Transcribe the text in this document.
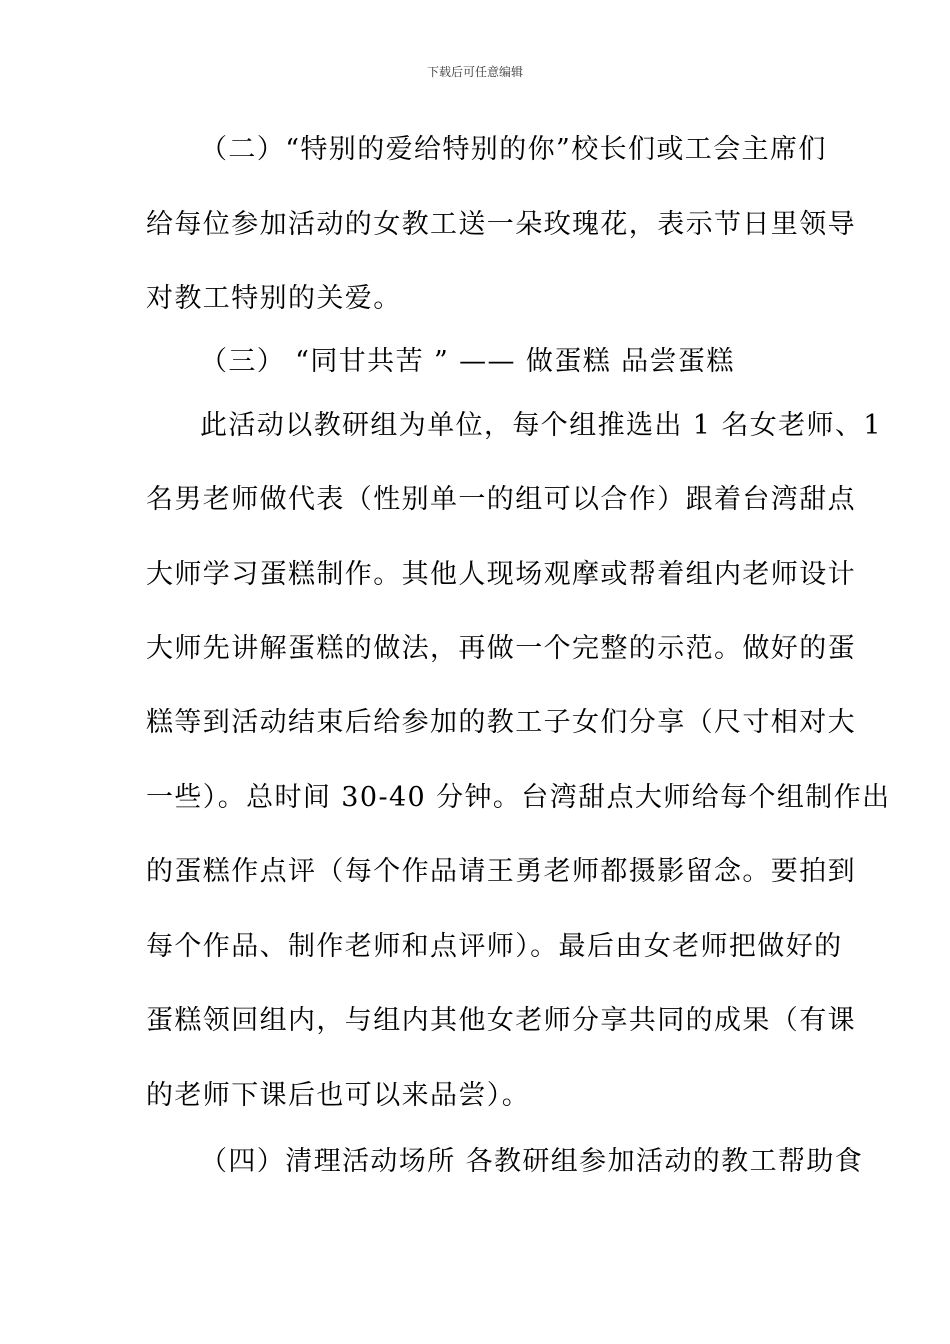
下载后可任意编辑
（二）“特别的爱给特别的你”校长们或工会主席们
给每位参加活动的女教工送一朵玫瑰花，表示节日里领导
对教工特别的关爱。
（三） “同甘共苦 ” —— 做蛋糕 品尝蛋糕
此活动以教研组为单位，每个组推选出 1 名女老师、1
名男老师做代表（性别单一的组可以合作）跟着台湾甜点
大师学习蛋糕制作。其他人现场观摩或帮着组内老师设计
大师先讲解蛋糕的做法，再做一个完整的示范。做好的蛋
糕等到活动结束后给参加的教工子女们分享（尺寸相对大
一些）。总时间 30-40 分钟。台湾甜点大师给每个组制作出
的蛋糕作点评（每个作品请王勇老师都摄影留念。要拍到
每个作品、制作老师和点评师）。最后由女老师把做好的
蛋糕领回组内，与组内其他女老师分享共同的成果（有课
的老师下课后也可以来品尝）。
（四）清理活动场所 各教研组参加活动的教工帮助食
